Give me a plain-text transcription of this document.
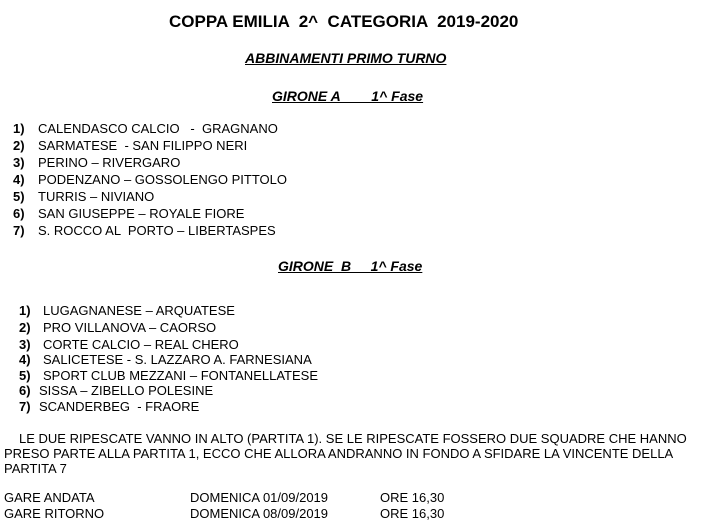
COPPA EMILIA  2^  CATEGORIA  2019-2020
ABBINAMENTI PRIMO TURNO
GIRONE A        1^ Fase
1) CALENDASCO CALCIO   -  GRAGNANO
2) SARMATESE  - SAN FILIPPO NERI
3) PERINO – RIVERGARO
4) PODENZANO – GOSSOLENGO PITTOLO
5) TURRIS – NIVIANO
6) SAN GIUSEPPE – ROYALE FIORE
7) S. ROCCO AL  PORTO – LIBERTASPES
GIRONE  B     1^ Fase
1) LUGAGNANESE – ARQUATESE
2) PRO VILLANOVA – CAORSO
3) CORTE CALCIO – REAL CHERO
4) SALICETESE - S. LAZZARO A. FARNESIANA
5) SPORT CLUB MEZZANI – FONTANELLATESE
6) SISSA – ZIBELLO POLESINE
7) SCANDERBEG  - FRAORE
LE DUE RIPESCATE VANNO IN ALTO (PARTITA 1). SE LE RIPESCATE FOSSERO DUE SQUADRE CHE HANNO PRESO PARTE ALLA PARTITA 1, ECCO CHE ALLORA ANDRANNO IN FONDO A SFIDARE LA VINCENTE DELLA PARTITA 7
GARE ANDATA	DOMENICA 01/09/2019	ORE 16,30
GARE RITORNO	DOMENICA 08/09/2019	ORE 16,30
